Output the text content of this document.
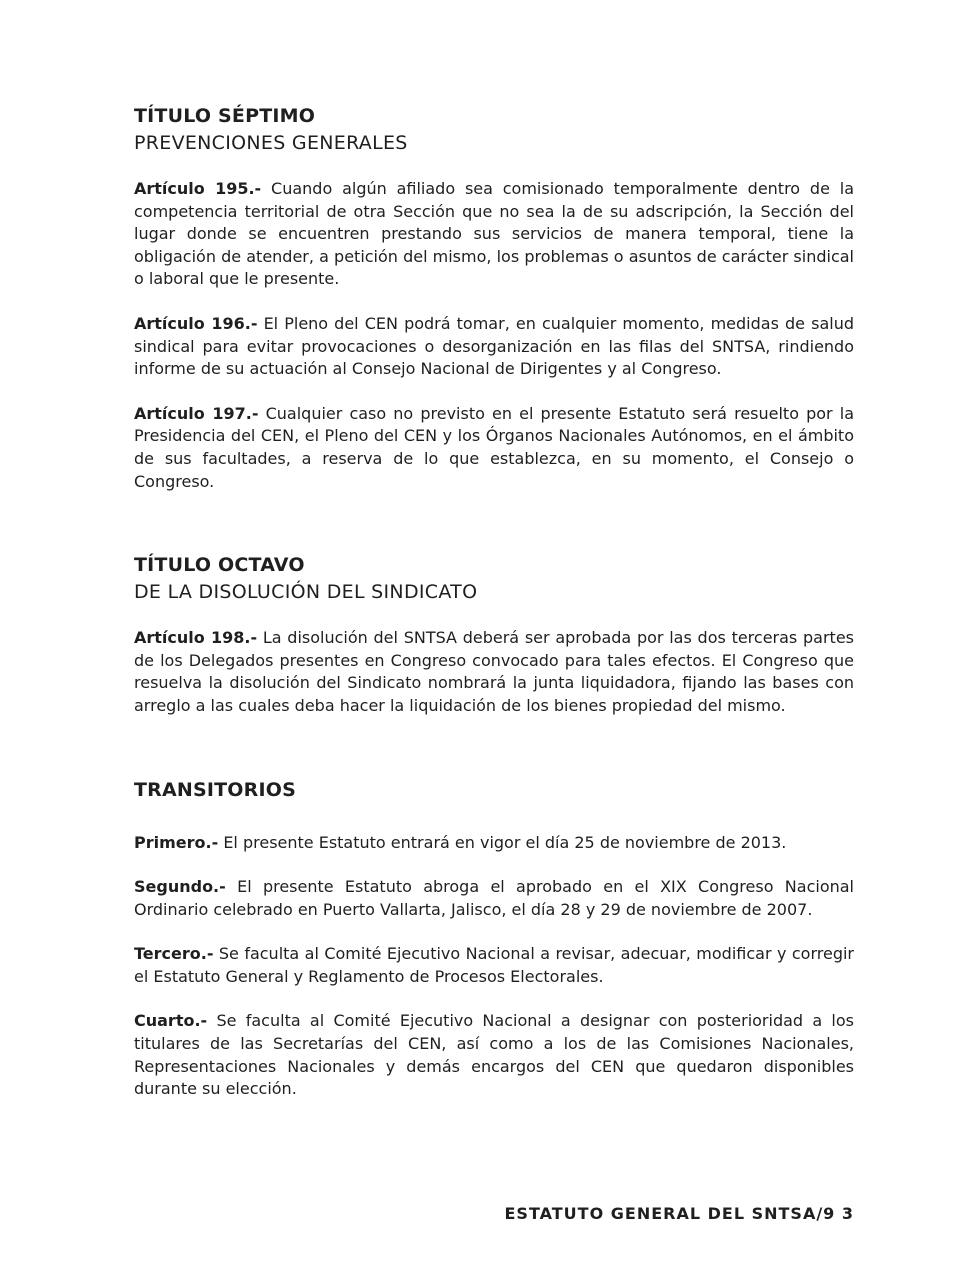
TÍTULO SÉPTIMO
PREVENCIONES GENERALES

Artículo 195.- Cuando algún afiliado sea comisionado temporalmente dentro de la competencia territorial de otra Sección que no sea la de su adscripción, la Sección del lugar donde se encuentren prestando sus servicios de manera temporal, tiene la obligación de atender, a petición del mismo, los problemas o asuntos de carácter sindical o laboral que le presente.

Artículo 196.- El Pleno del CEN podrá tomar, en cualquier momento, medidas de salud sindical para evitar provocaciones o desorganización en las filas del SNTSA, rindiendo informe de su actuación al Consejo Nacional de Dirigentes y al Congreso.

Artículo 197.- Cualquier caso no previsto en el presente Estatuto será resuelto por la Presidencia del CEN, el Pleno del CEN y los Órganos Nacionales Autónomos, en el ámbito de sus facultades, a reserva de lo que establezca, en su momento, el Consejo o Congreso.

TÍTULO OCTAVO
DE LA DISOLUCIÓN DEL SINDICATO

Artículo 198.- La disolución del SNTSA deberá ser aprobada por las dos terceras partes de los Delegados presentes en Congreso convocado para tales efectos. El Congreso que resuelva la disolución del Sindicato nombrará la junta liquidadora, fijando las bases con arreglo a las cuales deba hacer la liquidación de los bienes propiedad del mismo.

TRANSITORIOS

Primero.- El presente Estatuto entrará en vigor el día 25 de noviembre de 2013.

Segundo.- El presente Estatuto abroga el aprobado en el XIX Congreso Nacional Ordinario celebrado en Puerto Vallarta, Jalisco, el día 28 y 29 de noviembre de 2007.

Tercero.- Se faculta al Comité Ejecutivo Nacional a revisar, adecuar, modificar y corregir el Estatuto General y Reglamento de Procesos Electorales.

Cuarto.- Se faculta al Comité Ejecutivo Nacional a designar con posterioridad a los titulares de las Secretarías del CEN, así como a los de las Comisiones Nacionales, Representaciones Nacionales y demás encargos del CEN que quedaron disponibles durante su elección.

ESTATUTO GENERAL DEL SNTSA/9 3
